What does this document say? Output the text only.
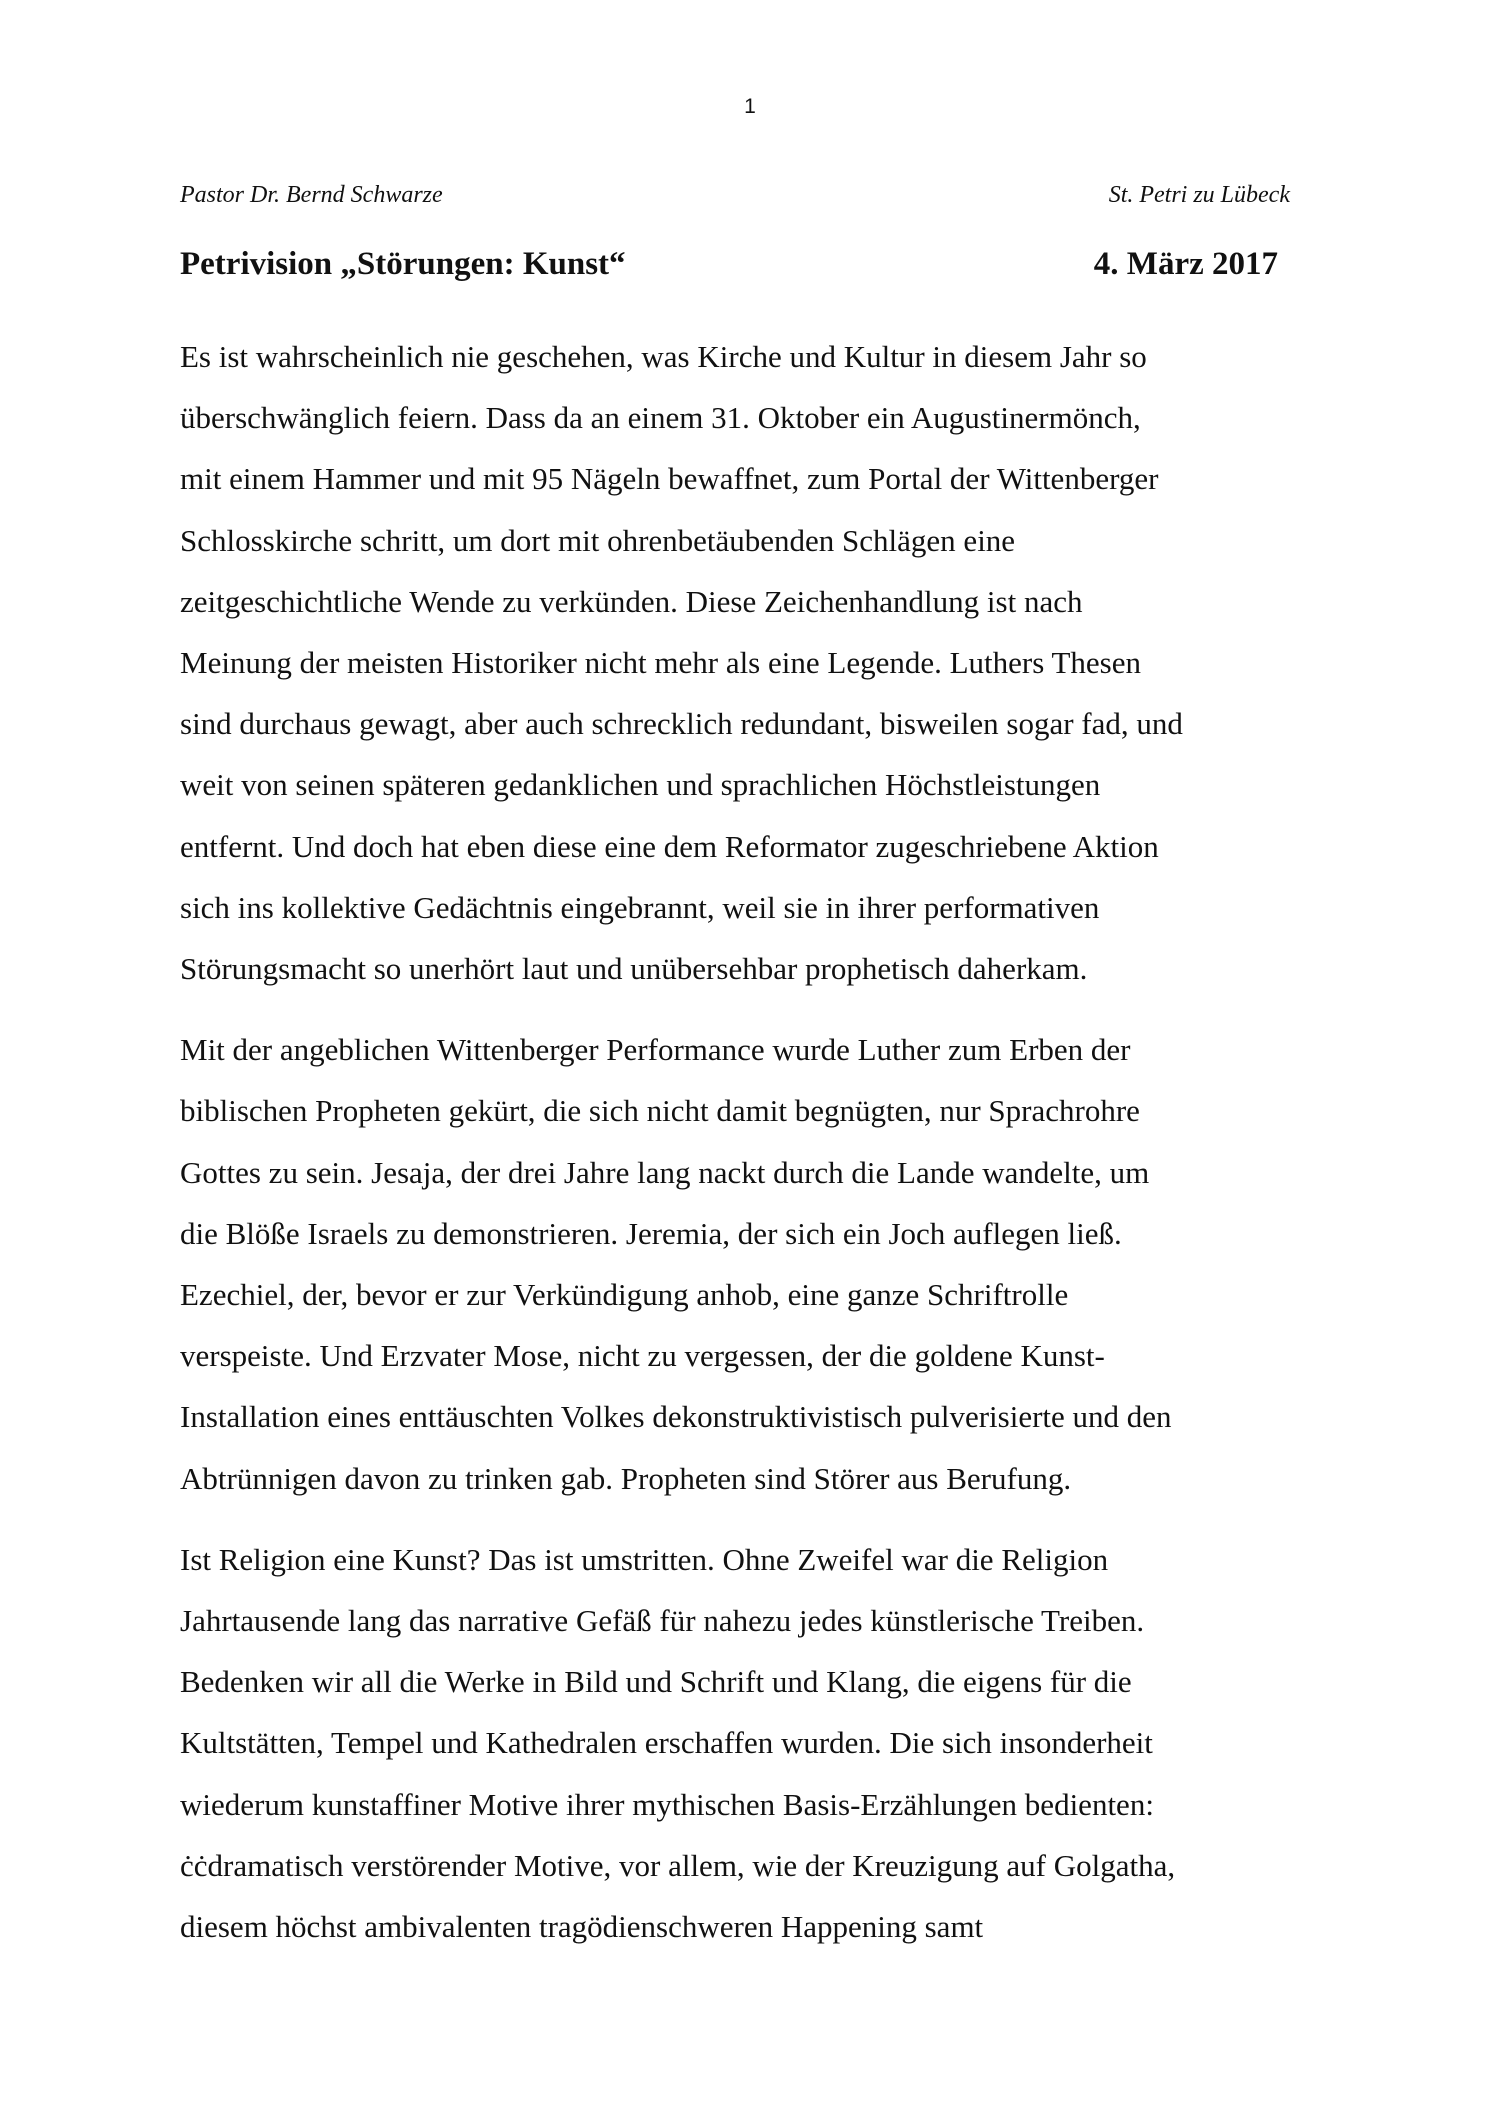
1
Pastor Dr. Bernd Schwarze	St. Petri zu Lübeck
Petrivision „Störungen: Kunst“	4. März 2017

Es ist wahrscheinlich nie geschehen, was Kirche und Kultur in diesem Jahr so
überschwänglich feiern. Dass da an einem 31. Oktober ein Augustinermönch,
mit einem Hammer und mit 95 Nägeln bewaffnet, zum Portal der Wittenberger
Schlosskirche schritt, um dort mit ohrenbetäubenden Schlägen eine
zeitgeschichtliche Wende zu verkünden. Diese Zeichenhandlung ist nach
Meinung der meisten Historiker nicht mehr als eine Legende. Luthers Thesen
sind durchaus gewagt, aber auch schrecklich redundant, bisweilen sogar fad, und
weit von seinen späteren gedanklichen und sprachlichen Höchstleistungen
entfernt. Und doch hat eben diese eine dem Reformator zugeschriebene Aktion
sich ins kollektive Gedächtnis eingebrannt, weil sie in ihrer performativen
Störungsmacht so unerhört laut und unübersehbar prophetisch daherkam.

Mit der angeblichen Wittenberger Performance wurde Luther zum Erben der
biblischen Propheten gekürt, die sich nicht damit begnügten, nur Sprachrohre
Gottes zu sein. Jesaja, der drei Jahre lang nackt durch die Lande wandelte, um
die Blöße Israels zu demonstrieren. Jeremia, der sich ein Joch auflegen ließ.
Ezechiel, der, bevor er zur Verkündigung anhob, eine ganze Schriftrolle
verspeiste. Und Erzvater Mose, nicht zu vergessen, der die goldene Kunst-
Installation eines enttäuschten Volkes dekonstruktivistisch pulverisierte und den
Abtrünnigen davon zu trinken gab. Propheten sind Störer aus Berufung.

Ist Religion eine Kunst? Das ist umstritten. Ohne Zweifel war die Religion
Jahrtausende lang das narrative Gefäß für nahezu jedes künstlerische Treiben.
Bedenken wir all die Werke in Bild und Schrift und Klang, die eigens für die
Kultstätten, Tempel und Kathedralen erschaffen wurden. Die sich insonderheit
wiederum kunstaffiner Motive ihrer mythischen Basis-Erzählungen bedienten:
ċċdramatisch verstörender Motive, vor allem, wie der Kreuzigung auf Golgatha,
diesem höchst ambivalenten tragödienschweren Happening samt
